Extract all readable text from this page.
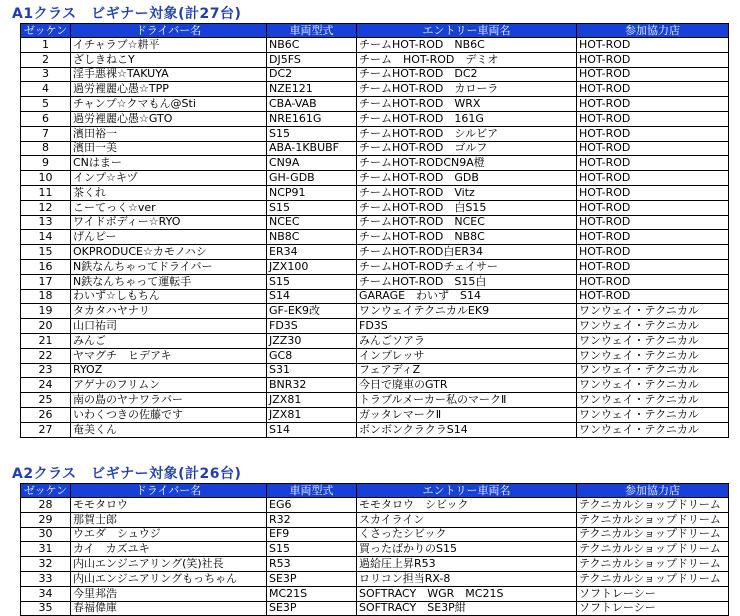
A1クラス　ビギナー対象(計27台)
ゼッケン	ドライバー名	車両型式	エントリー車両名	参加協力店
1	イチャラブ☆耕平	NB6C	チームHOT-ROD　NB6C	HOT-ROD
2	ざしきねこY	DJ5FS	チーム　HOT-ROD　デミオ	HOT-ROD
3	淫手悪裸☆TAKUYA	DC2	チームHOT-ROD　DC2	HOT-ROD
4	過労裡麗心愚☆TPP	NZE121	チームHOT-ROD　カローラ	HOT-ROD
5	チャンプ☆クマもん@Sti	CBA-VAB	チームHOT-ROD　WRX	HOT-ROD
6	過労裡麗心愚☆GTO	NRE161G	チームHOT-ROD　161G	HOT-ROD
7	濱田裕一	S15	チームHOT-ROD　シルビア	HOT-ROD
8	濱田一美	ABA-1KBUBF	チームHOT-ROD　ゴルフ	HOT-ROD
9	CNはまー	CN9A	チームHOT-RODCN9A橙	HOT-ROD
10	インプ☆キヅ	GH-GDB	チームHOT-ROD　GDB	HOT-ROD
11	茶くれ	NCP91	チームHOT-ROD　Vitz	HOT-ROD
12	こーてっく☆ver	S15	チームHOT-ROD　白S15	HOT-ROD
13	ワイドボディー☆RYO	NCEC	チームHOT-ROD　NCEC	HOT-ROD
14	げんピー	NB8C	チームHOT-ROD　NB8C	HOT-ROD
15	OKPRODUCE☆カモノハシ	ER34	チームHOT-ROD白ER34	HOT-ROD
16	N鉄なんちゃってドライバー	JZX100	チームHOT-RODチェイサー	HOT-ROD
17	N鉄なんちゃって運転手	S15	チームHOT-ROD　S15白	HOT-ROD
18	わいず☆しもちん	S14	GARAGE　わいず　S14	HOT-ROD
19	タカタハヤナリ	GF-EK9改	ワンウェイテクニカルEK9	ワンウェイ・テクニカル
20	山口祐司	FD3S	FD3S	ワンウェイ・テクニカル
21	みんご	JZZ30	みんごソアラ	ワンウェイ・テクニカル
22	ヤマグチ　ヒデアキ	GC8	インプレッサ	ワンウェイ・テクニカル
23	RYOZ	S31	フェアディZ	ワンウェイ・テクニカル
24	アゲナのフリムン	BNR32	今日で廃車のGTR	ワンウェイ・テクニカル
25	南の島のヤナワラバー	JZX81	トラブルメーカー私のマークⅡ	ワンウェイ・テクニカル
26	いわくつきの佐藤です	JZX81	ガッタレマークⅡ	ワンウェイ・テクニカル
27	奄美くん	S14	ボンボンクラクラS14	ワンウェイ・テクニカル
A2クラス　ビギナー対象(計26台)
ゼッケン	ドライバー名	車両型式	エントリー車両名	参加協力店
28	モモタロウ	EG6	モモタロウ　シビック	テクニカルショップドリーム
29	那賀士郎	R32	スカイライン	テクニカルショップドリーム
30	ウエダ　シュウジ	EF9	くさったシビック	テクニカルショップドリーム
31	カイ　カズユキ	S15	買ったばかりのS15	テクニカルショップドリーム
32	内山エンジニアリング(笑)社長	R53	過給圧上昇R53	テクニカルショップドリーム
33	内山エンジニアリングもっちゃん	SE3P	ロリコン担当RX-8	テクニカルショップドリーム
34	今里邦浩	MC21S	SOFTRACY　WGR　MC21S	ソフトレーシー
35	春福偉庫	SE3P	SOFTRACY　SE3P紺	ソフトレーシー
